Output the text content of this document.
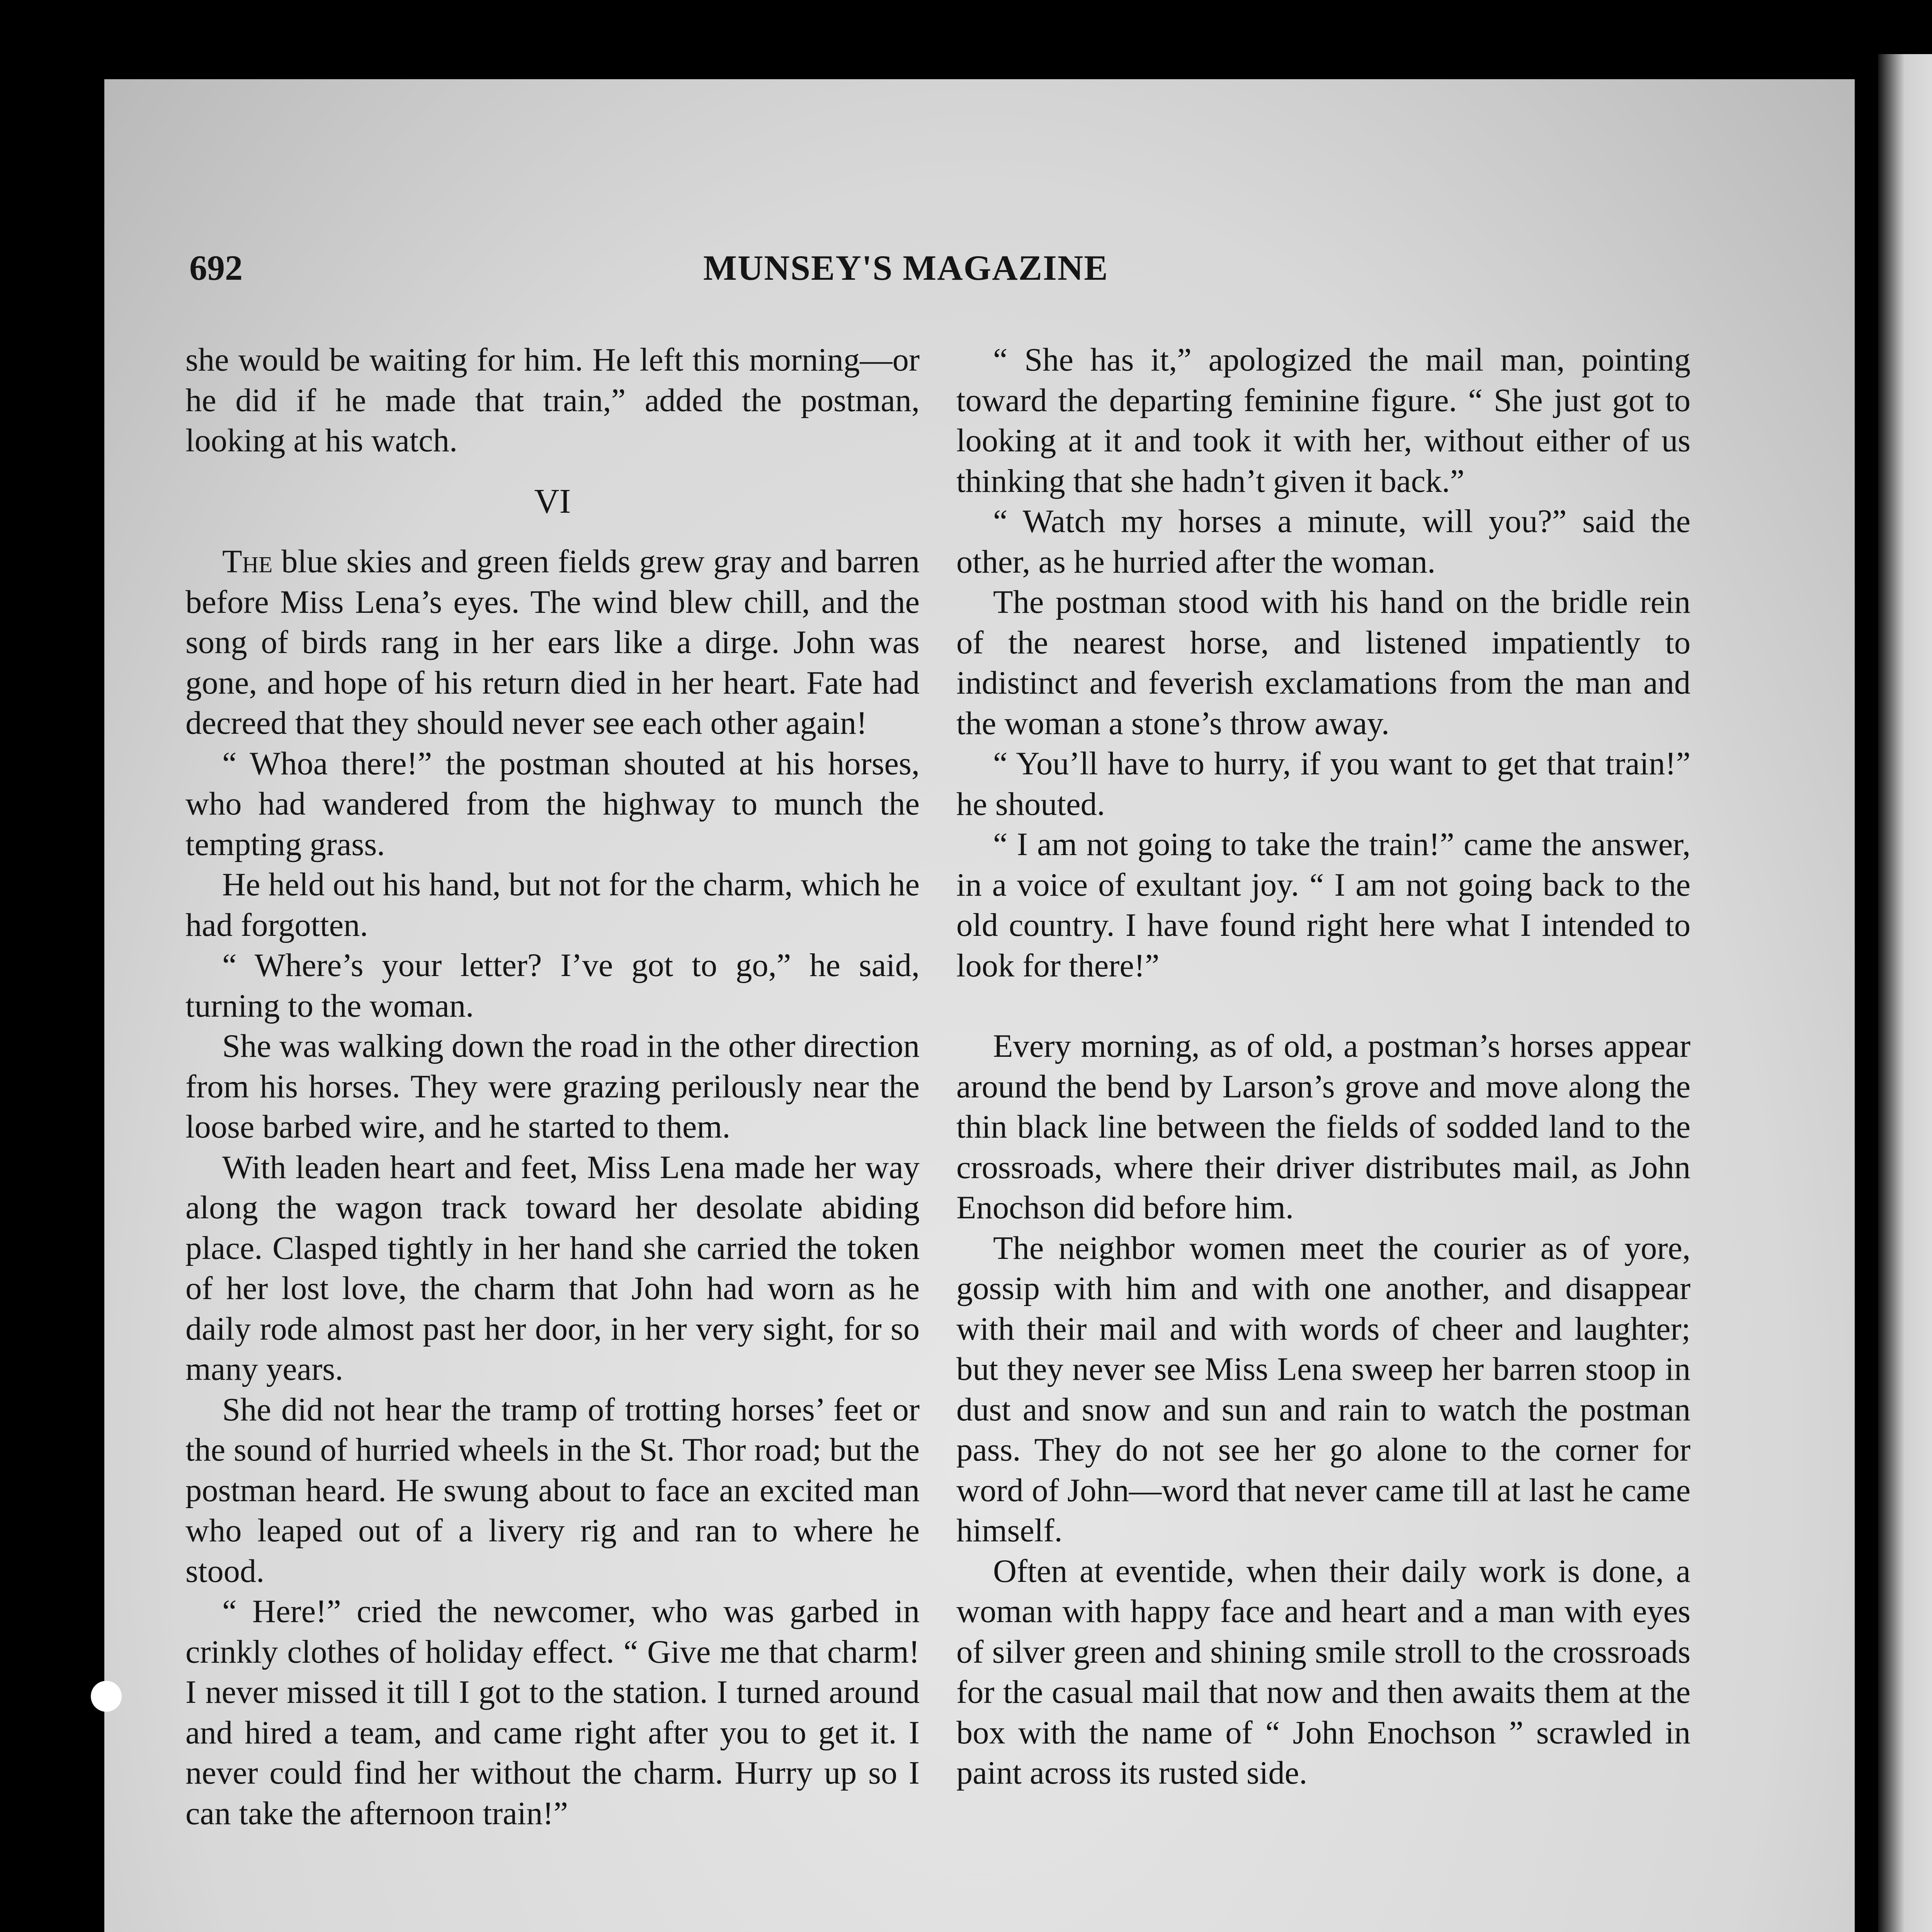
692	MUNSEY'S MAGAZINE

she would be waiting for him. He left this morning—or he did if he made that train,” added the postman, looking at his watch.

VI

The blue skies and green fields grew gray and barren before Miss Lena’s eyes. The wind blew chill, and the song of birds rang in her ears like a dirge. John was gone, and hope of his return died in her heart. Fate had decreed that they should never see each other again!

“ Whoa there!” the postman shouted at his horses, who had wandered from the highway to munch the tempting grass.

He held out his hand, but not for the charm, which he had forgotten.

“ Where’s your letter? I’ve got to go,” he said, turning to the woman.

She was walking down the road in the other direction from his horses. They were grazing perilously near the loose barbed wire, and he started to them.

With leaden heart and feet, Miss Lena made her way along the wagon track toward her desolate abiding place. Clasped tightly in her hand she carried the token of her lost love, the charm that John had worn as he daily rode almost past her door, in her very sight, for so many years.

She did not hear the tramp of trotting horses’ feet or the sound of hurried wheels in the St. Thor road; but the postman heard. He swung about to face an excited man who leaped out of a livery rig and ran to where he stood.

“ Here!” cried the newcomer, who was garbed in crinkly clothes of holiday effect. “ Give me that charm! I never missed it till I got to the station. I turned around and hired a team, and came right after you to get it. I never could find her without the charm. Hurry up so I can take the afternoon train!”

“ She has it,” apologized the mail man, pointing toward the departing feminine figure. “ She just got to looking at it and took it with her, without either of us thinking that she hadn’t given it back.”

“ Watch my horses a minute, will you?” said the other, as he hurried after the woman.

The postman stood with his hand on the bridle rein of the nearest horse, and listened impatiently to indistinct and feverish exclamations from the man and the woman a stone’s throw away.

“ You’ll have to hurry, if you want to get that train!” he shouted.

“ I am not going to take the train!” came the answer, in a voice of exultant joy. “ I am not going back to the old country. I have found right here what I intended to look for there!”

Every morning, as of old, a postman’s horses appear around the bend by Larson’s grove and move along the thin black line between the fields of sodded land to the crossroads, where their driver distributes mail, as John Enochson did before him.

The neighbor women meet the courier as of yore, gossip with him and with one another, and disappear with their mail and with words of cheer and laughter; but they never see Miss Lena sweep her barren stoop in dust and snow and sun and rain to watch the postman pass. They do not see her go alone to the corner for word of John—word that never came till at last he came himself.

Often at eventide, when their daily work is done, a woman with happy face and heart and a man with eyes of silver green and shining smile stroll to the crossroads for the casual mail that now and then awaits them at the box with the name of “ John Enochson ” scrawled in paint across its rusted side.
